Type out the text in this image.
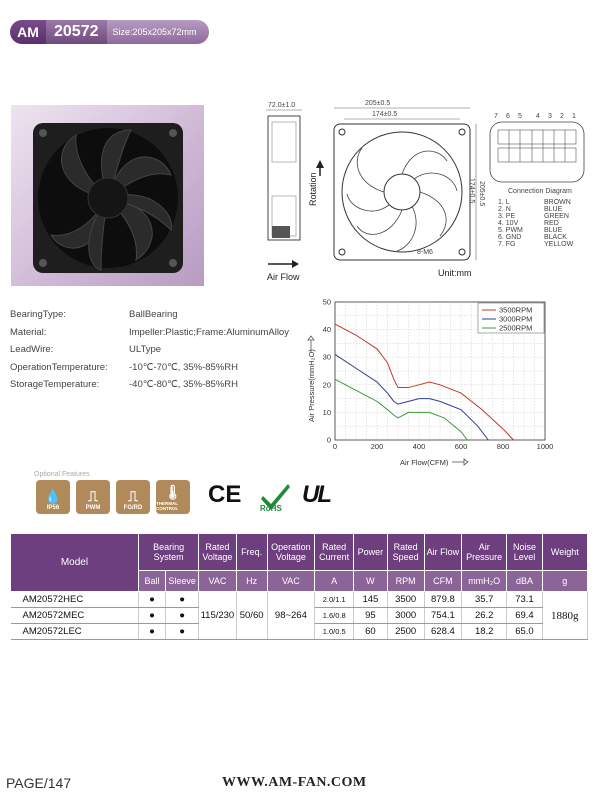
AM 20572	Size:205x205x72mm
72.0±1.0
Air Flow
Rotation
205±0.5
174±0.5
205±0.5
174±0.5
8-M6
Unit:mm
7 6 5 4 3 2 1
Connection Diagram
1. L	BROWN
2. N	BLUE
3. PE	GREEN
4. 10V	RED
5. PWM	BLUE
6. GND	BLACK
7. FG	YELLOW
BearingType:	BallBearing
Material:	Impeller:Plastic;Frame:AluminumAlloy
LeadWire:	ULType
OperationTemperature:	-10℃-70℃, 35%-85%RH
StorageTemperature:	-40℃-80℃, 35%-85%RH
0	200	400	600	800	1000
0
10
20
30
40
50
Air Pressure(mmH₂O)
Air Flow(CFM)
3500RPM
3000RPM
2500RPM
Optional Features
💧
IP56
⎍
PWM
⎍
FG/RD
🌡
THERMAL CONTROL
CE
RoHS
UL
Model	Bearing System		Rated Voltage	Freq.	Operation Voltage	Rated Current	Power	Rated Speed	Air Flow	Air Pressure	Noise Level	Weight
	Ball	Sleeve	VAC	Hz	VAC	A	W	RPM	CFM	mmH₂O	dBA	g
AM20572HEC	●	●	115/230	50/60	98~264	2.0/1.1	145	3500	879.8	35.7	73.1	1880g
AM20572MEC	●	●				1.6/0.8	95	3000	754.1	26.2	69.4	
AM20572LEC	●	●				1.0/0.5	60	2500	628.4	18.2	65.0	
PAGE/147	WWW.AM-FAN.COM
